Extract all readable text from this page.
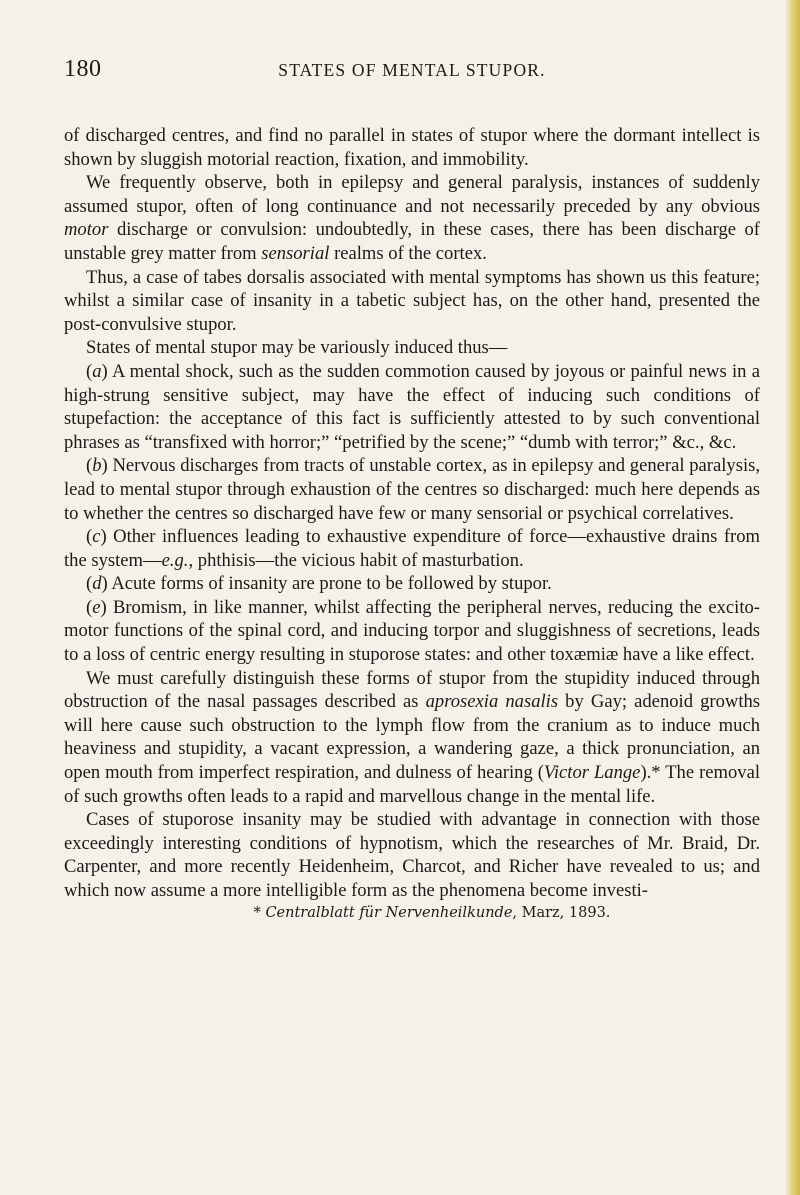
180	STATES OF MENTAL STUPOR.

of discharged centres, and find no parallel in states of stupor where the dormant intellect is shown by sluggish motorial reaction, fixation, and immobility.

We frequently observe, both in epilepsy and general paralysis, instances of suddenly assumed stupor, often of long continuance and not necessarily preceded by any obvious motor discharge or convulsion: undoubtedly, in these cases, there has been discharge of unstable grey matter from sensorial realms of the cortex.

Thus, a case of tabes dorsalis associated with mental symptoms has shown us this feature; whilst a similar case of insanity in a tabetic subject has, on the other hand, presented the post-convulsive stupor.

States of mental stupor may be variously induced thus—

(a) A mental shock, such as the sudden commotion caused by joyous or painful news in a high-strung sensitive subject, may have the effect of inducing such conditions of stupefaction: the acceptance of this fact is sufficiently attested to by such conventional phrases as “transfixed with horror;” “petrified by the scene;” “dumb with terror;” &c., &c.

(b) Nervous discharges from tracts of unstable cortex, as in epilepsy and general paralysis, lead to mental stupor through exhaustion of the centres so discharged: much here depends as to whether the centres so discharged have few or many sensorial or psychical correlatives.

(c) Other influences leading to exhaustive expenditure of force—exhaustive drains from the system—e.g., phthisis—the vicious habit of masturbation.

(d) Acute forms of insanity are prone to be followed by stupor.

(e) Bromism, in like manner, whilst affecting the peripheral nerves, reducing the excito-motor functions of the spinal cord, and inducing torpor and sluggishness of secretions, leads to a loss of centric energy resulting in stuporose states: and other toxæmiæ have a like effect.

We must carefully distinguish these forms of stupor from the stupidity induced through obstruction of the nasal passages described as aprosexia nasalis by Gay; adenoid growths will here cause such obstruction to the lymph flow from the cranium as to induce much heaviness and stupidity, a vacant expression, a wandering gaze, a thick pronunciation, an open mouth from imperfect respiration, and dulness of hearing (Victor Lange).* The removal of such growths often leads to a rapid and marvellous change in the mental life.

Cases of stuporose insanity may be studied with advantage in connection with those exceedingly interesting conditions of hypnotism, which the researches of Mr. Braid, Dr. Carpenter, and more recently Heidenheim, Charcot, and Richer have revealed to us; and which now assume a more intelligible form as the phenomena become investi-

* Centralblatt für Nervenheilkunde, Marz, 1893.
